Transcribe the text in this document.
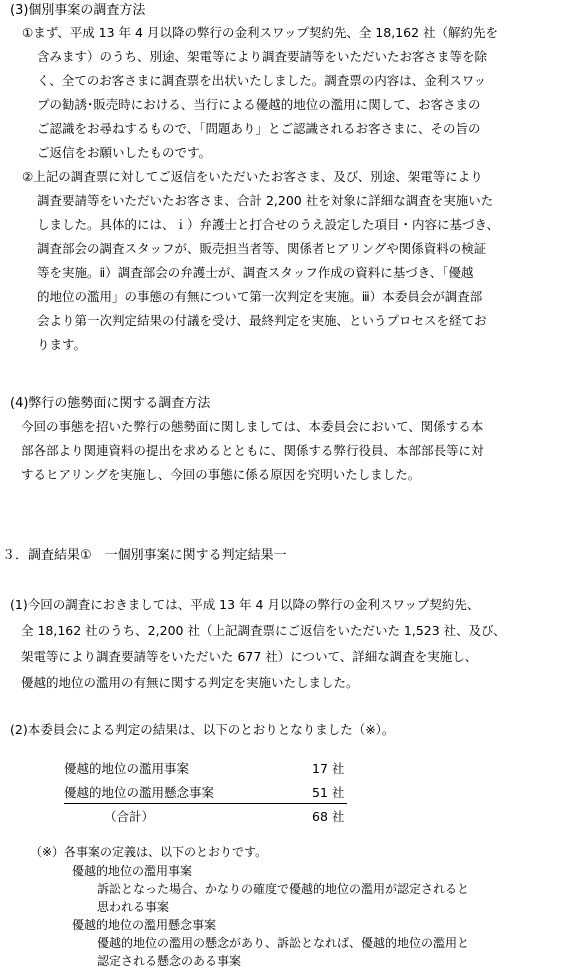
(3)個別事案の調査方法
①まず、平成 13 年 4 月以降の弊行の金利スワップ契約先、全 18,162 社（解約先を
含みます）のうち、別途、架電等により調査要請等をいただいたお客さま等を除
く、全てのお客さまに調査票を出状いたしました。調査票の内容は、金利スワッ
プの勧誘･販売時における、当行による優越的地位の濫用に関して、お客さまの
ご認識をお尋ねするもので、「問題あり」とご認識されるお客さまに、その旨の
ご返信をお願いしたものです。
②上記の調査票に対してご返信をいただいたお客さま、及び、別途、架電等により
調査要請等をいただいたお客さま、合計 2,200 社を対象に詳細な調査を実施いた
しました。具体的には、ｉ）弁護士と打合せのうえ設定した項目・内容に基づき、
調査部会の調査スタッフが、販売担当者等、関係者ヒアリングや関係資料の検証
等を実施。ⅱ）調査部会の弁護士が、調査スタッフ作成の資料に基づき、「優越
的地位の濫用」の事態の有無について第一次判定を実施。ⅲ）本委員会が調査部
会より第一次判定結果の付議を受け、最終判定を実施、というプロセスを経てお
ります。
(4)弊行の態勢面に関する調査方法
今回の事態を招いた弊行の態勢面に関しましては、本委員会において、関係する本
部各部より関連資料の提出を求めるとともに、関係する弊行役員、本部部長等に対
するヒアリングを実施し、今回の事態に係る原因を究明いたしました。
３．調査結果①　一個別事案に関する判定結果一
(1)今回の調査におきましては、平成 13 年 4 月以降の弊行の金利スワップ契約先、
全 18,162 社のうち、2,200 社（上記調査票にご返信をいただいた 1,523 社、及び、
架電等により調査要請等をいただいた 677 社）について、詳細な調査を実施し、
優越的地位の濫用の有無に関する判定を実施いたしました。
(2)本委員会による判定の結果は、以下のとおりとなりました（※）。
優越的地位の濫用事案	17 社
優越的地位の濫用懸念事案	51 社
（合計）	68 社
（※）各事案の定義は、以下のとおりです。
優越的地位の濫用事案
訴訟となった場合、かなりの確度で優越的地位の濫用が認定されると
思われる事案
優越的地位の濫用懸念事案
優越的地位の濫用の懸念があり、訴訟となれば、優越的地位の濫用と
認定される懸念のある事案
